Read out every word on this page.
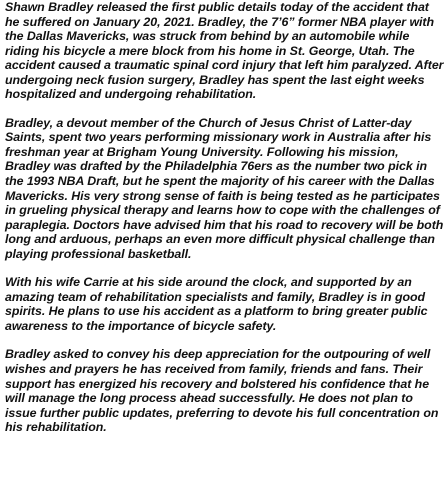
Shawn Bradley released the first public details today of the accident that he suffered on January 20, 2021. Bradley, the 7’6” former NBA player with the Dallas Mavericks, was struck from behind by an automobile while riding his bicycle a mere block from his home in St. George, Utah. The accident caused a traumatic spinal cord injury that left him paralyzed. After undergoing neck fusion surgery, Bradley has spent the last eight weeks hospitalized and undergoing rehabilitation.

Bradley, a devout member of the Church of Jesus Christ of Latter-day Saints, spent two years performing missionary work in Australia after his freshman year at Brigham Young University. Following his mission, Bradley was drafted by the Philadelphia 76ers as the number two pick in the 1993 NBA Draft, but he spent the majority of his career with the Dallas Mavericks. His very strong sense of faith is being tested as he participates in grueling physical therapy and learns how to cope with the challenges of paraplegia. Doctors have advised him that his road to recovery will be both long and arduous, perhaps an even more difficult physical challenge than playing professional basketball.

With his wife Carrie at his side around the clock, and supported by an amazing team of rehabilitation specialists and family, Bradley is in good spirits. He plans to use his accident as a platform to bring greater public awareness to the importance of bicycle safety.

Bradley asked to convey his deep appreciation for the outpouring of well wishes and prayers he has received from family, friends and fans. Their support has energized his recovery and bolstered his confidence that he will manage the long process ahead successfully. He does not plan to issue further public updates, preferring to devote his full concentration on his rehabilitation.
